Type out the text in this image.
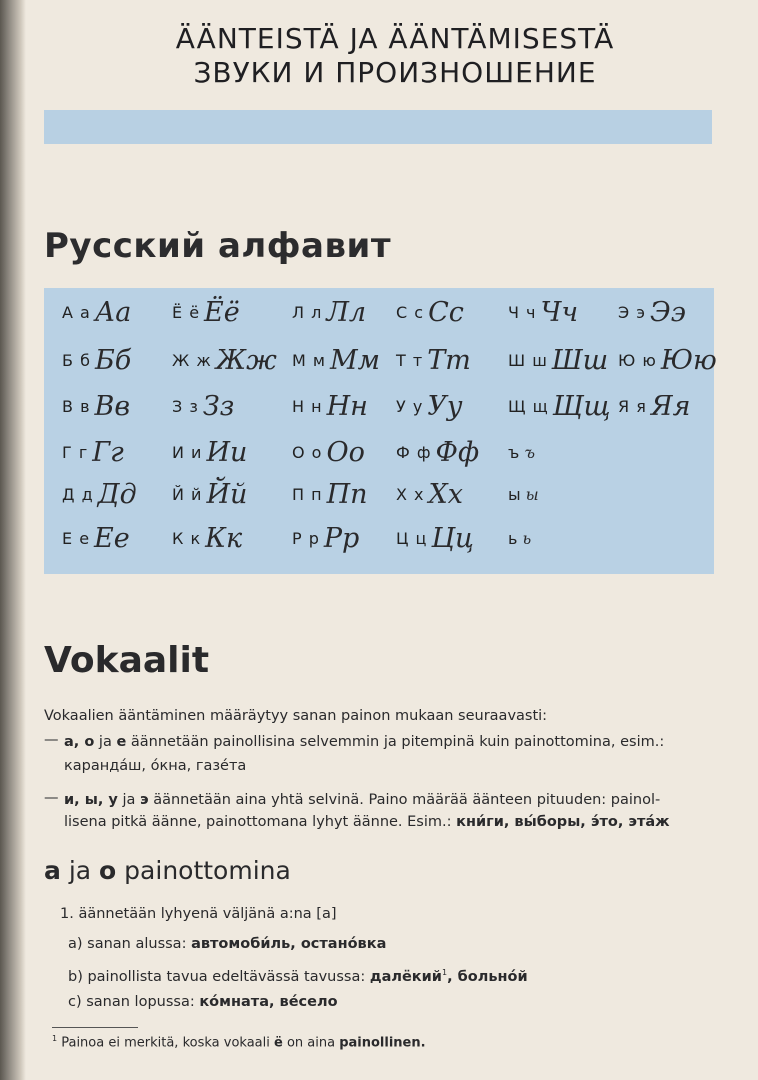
ÄÄNTEISTÄ JA ÄÄNTÄMISESTÄ
ЗВУКИ И ПРОИЗНОШЕНИЕ
Русский алфавит
А а Аа	Ё ё Ёё	Л л Лл С с Сс	Ч ч Чч Э э Ээ
Б б Бб	Ж ж Жж М м Мм Т т Тт Ш ш Шш Ю ю Юю
В в Вв	З з Зз	Н н Нн У у Уу	Щ щ Щщ Я я Яя
Г г Гг	И и Ии	О о Оо Ф ф Фф ъ ъ
Д д Дд Й й Йй	П п Пп Х х Хх	ы ы
Е е Ее	К к Кк	Р р Рр Ц ц Цц ь ь
Vokaalit
Vokaalien ääntäminen määräytyy sanan painon mukaan seuraavasti:
— а, о ja е äännetään painollisina selvemmin ja pitempinä kuin painottomina, esim.:
каранда́ш, о́кна, газе́та
— и, ы, у ja э äännetään aina yhtä selvinä. Paino määrää äänteen pituuden: painol-
lisena pitkä äänne, painottomana lyhyt äänne. Esim.: кни́ги, вы́боры, э́то, эта́ж
а ja о painottomina
1. äännetään lyhyenä väljänä a:na [a]
a) sanan alussa: автомоби́ль, остано́вка
b) painollista tavua edeltävässä tavussa: далёкий$^1$, больно́й
c) sanan lopussa: ко́мната, ве́село
$^1$ Painoa ei merkitä, koska vokaali ё on aina painollinen.
